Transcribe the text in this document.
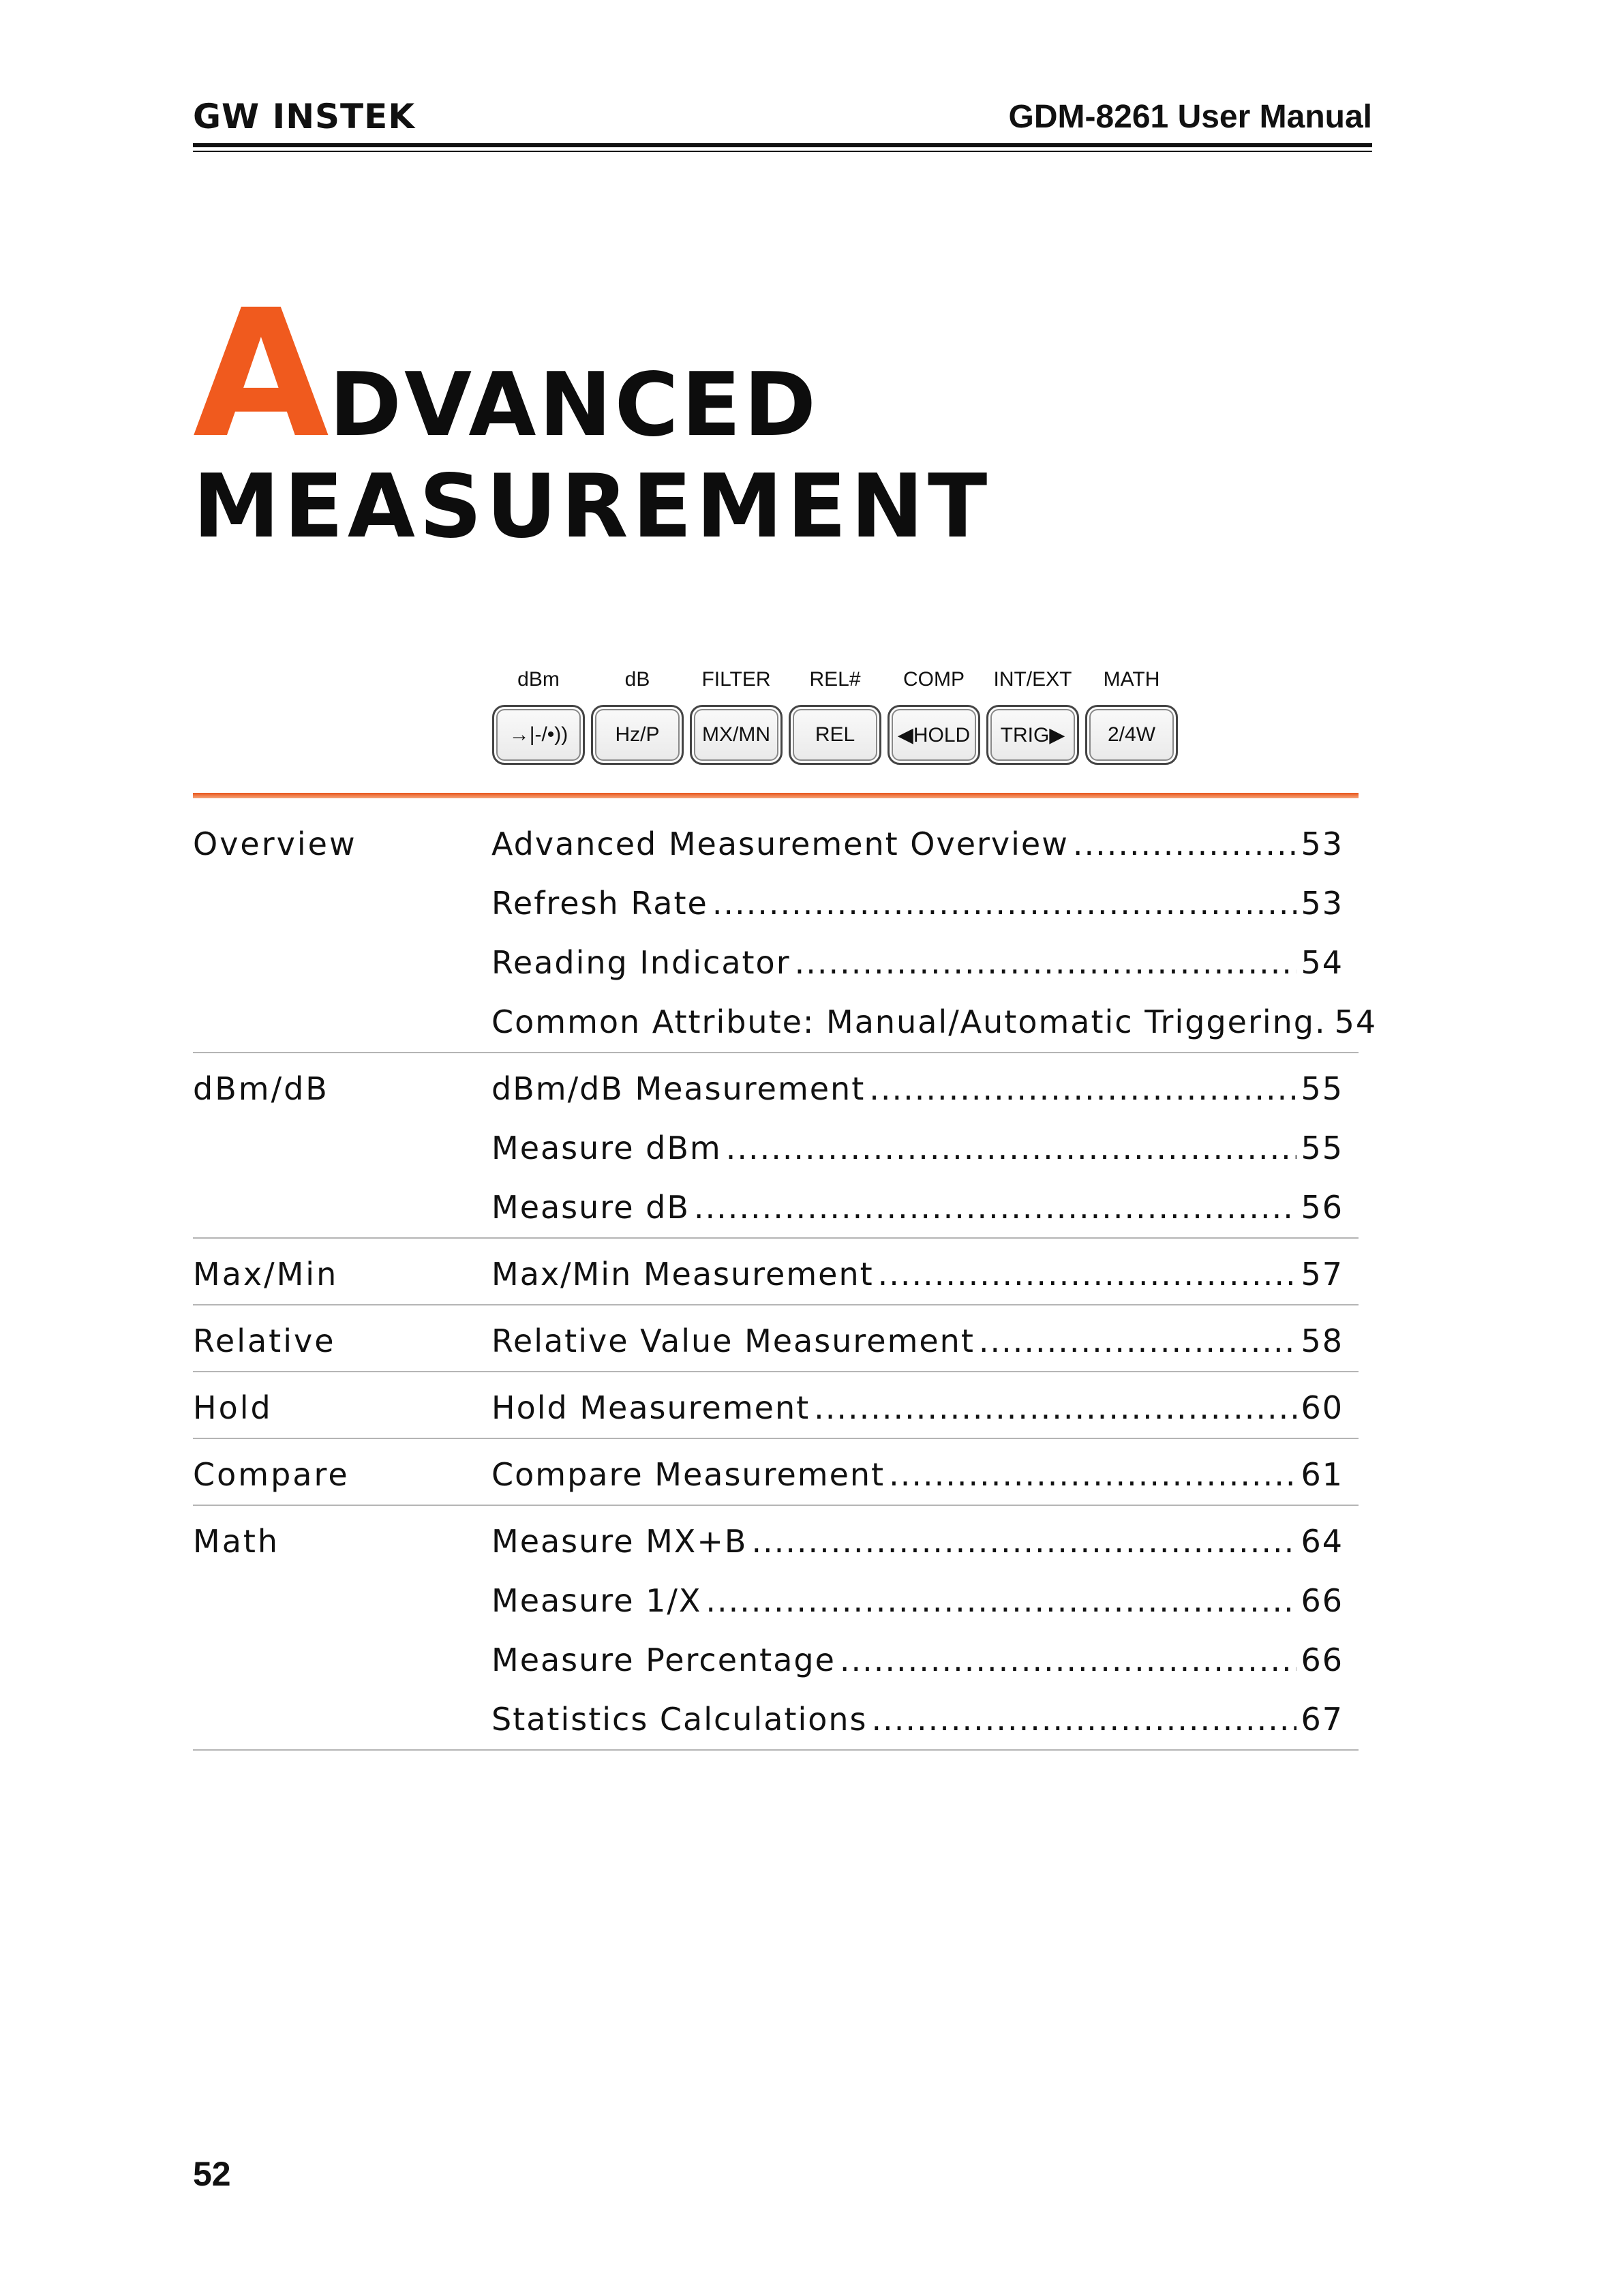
GW INSTEK	GDM-8261 User Manual
A DVANCED
MEASUREMENT
dBm
→|-/•))
dB
Hz/P
FILTER
MX/MN
REL#
REL
COMP
◀HOLD
INT/EXT
TRIG▶
MATH
2/4W
Overview	Advanced Measurement Overview .....	53
Refresh Rate .....	53
Reading Indicator .....	54
Common Attribute: Manual/Automatic Triggering. 54
dBm/dB	dBm/dB Measurement .....	55
Measure dBm .....	55
Measure dB .....	56
Max/Min	Max/Min Measurement .....	57
Relative	Relative Value Measurement .....	58
Hold	Hold Measurement .....	60
Compare	Compare Measurement .....	61
Math	Measure MX+B .....	64
Measure 1/X .....	66
Measure Percentage .....	66
Statistics Calculations .....	67
52
